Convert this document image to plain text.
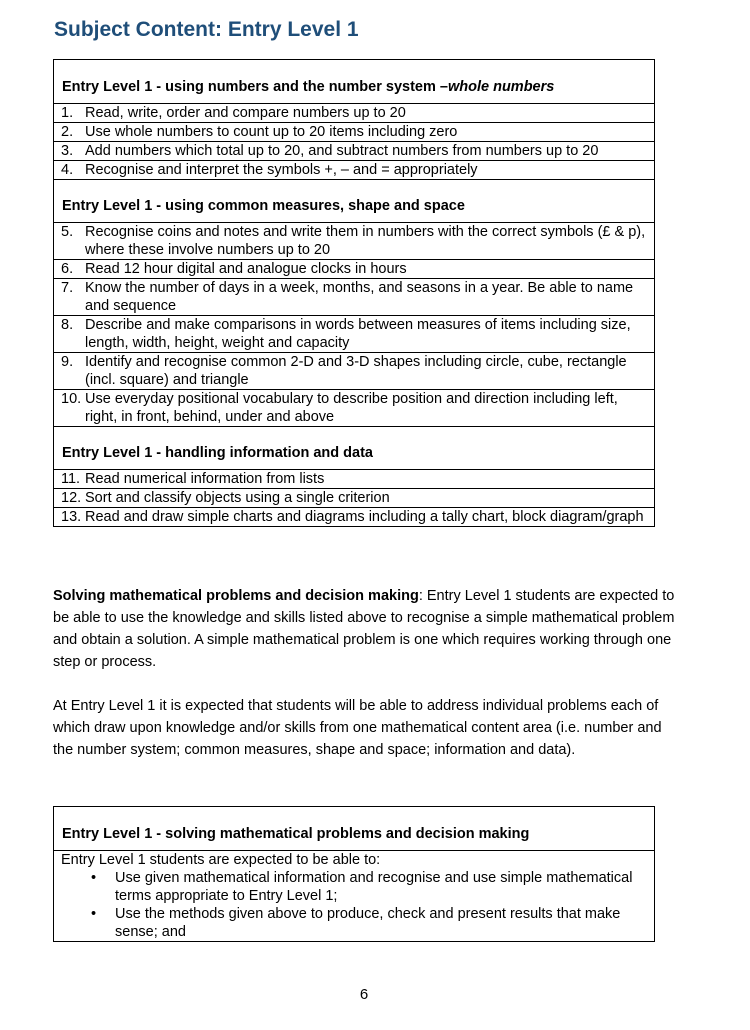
Subject Content: Entry Level 1
Entry Level 1 - using numbers and the number system – whole numbers
1. Read, write, order and compare numbers up to 20
2. Use whole numbers to count up to 20 items including zero
3. Add numbers which total up to 20, and subtract numbers from numbers up to 20
4. Recognise and interpret the symbols +, – and = appropriately
Entry Level 1 - using common measures, shape and space
5. Recognise coins and notes and write them in numbers with the correct symbols (£ & p), where these involve numbers up to 20
6. Read 12 hour digital and analogue clocks in hours
7. Know the number of days in a week, months, and seasons in a year. Be able to name and sequence
8. Describe and make comparisons in words between measures of items including size, length, width, height, weight and capacity
9. Identify and recognise common 2-D and 3-D shapes including circle, cube, rectangle (incl. square) and triangle
10. Use everyday positional vocabulary to describe position and direction including left, right, in front, behind, under and above
Entry Level 1 - handling information and data
11. Read numerical information from lists
12. Sort and classify objects using a single criterion
13. Read and draw simple charts and diagrams including a tally chart, block diagram/graph
Solving mathematical problems and decision making: Entry Level 1 students are expected to be able to use the knowledge and skills listed above to recognise a simple mathematical problem and obtain a solution. A simple mathematical problem is one which requires working through one step or process.
At Entry Level 1 it is expected that students will be able to address individual problems each of which draw upon knowledge and/or skills from one mathematical content area (i.e. number and the number system; common measures, shape and space; information and data).
Entry Level 1 - solving mathematical problems and decision making
Entry Level 1 students are expected to be able to:
•	Use given mathematical information and recognise and use simple mathematical terms appropriate to Entry Level 1;
•	Use the methods given above to produce, check and present results that make sense; and
6
